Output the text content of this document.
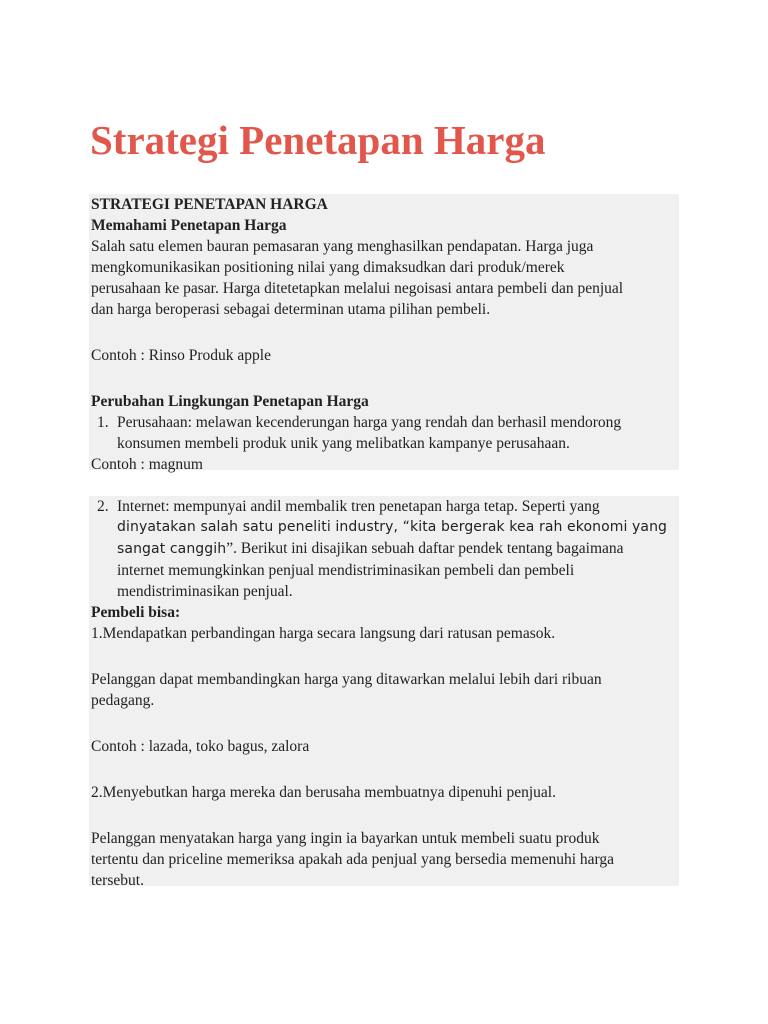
Strategi Penetapan Harga
STRATEGI PENETAPAN HARGA
Memahami Penetapan Harga
Salah satu elemen bauran pemasaran yang menghasilkan pendapatan. Harga juga
mengkomunikasikan positioning nilai yang dimaksudkan dari produk/merek
perusahaan ke pasar. Harga ditetetapkan melalui negoisasi antara pembeli dan penjual
dan harga beroperasi sebagai determinan utama pilihan pembeli.
Contoh : Rinso Produk apple
Perubahan Lingkungan Penetapan Harga
1. Perusahaan: melawan kecenderungan harga yang rendah dan berhasil mendorong
konsumen membeli produk unik yang melibatkan kampanye perusahaan.
Contoh : magnum
2. Internet: mempunyai andil membalik tren penetapan harga tetap. Seperti yang
dinyatakan salah satu peneliti industry, “kita bergerak kea rah ekonomi yang
sangat canggih”. Berikut ini disajikan sebuah daftar pendek tentang bagaimana
internet memungkinkan penjual mendistriminasikan pembeli dan pembeli
mendistriminasikan penjual.
Pembeli bisa:
1.Mendapatkan perbandingan harga secara langsung dari ratusan pemasok.
Pelanggan dapat membandingkan harga yang ditawarkan melalui lebih dari ribuan
pedagang.
Contoh : lazada, toko bagus, zalora
2.Menyebutkan harga mereka dan berusaha membuatnya dipenuhi penjual.
Pelanggan menyatakan harga yang ingin ia bayarkan untuk membeli suatu produk
tertentu dan priceline memeriksa apakah ada penjual yang bersedia memenuhi harga
tersebut.
